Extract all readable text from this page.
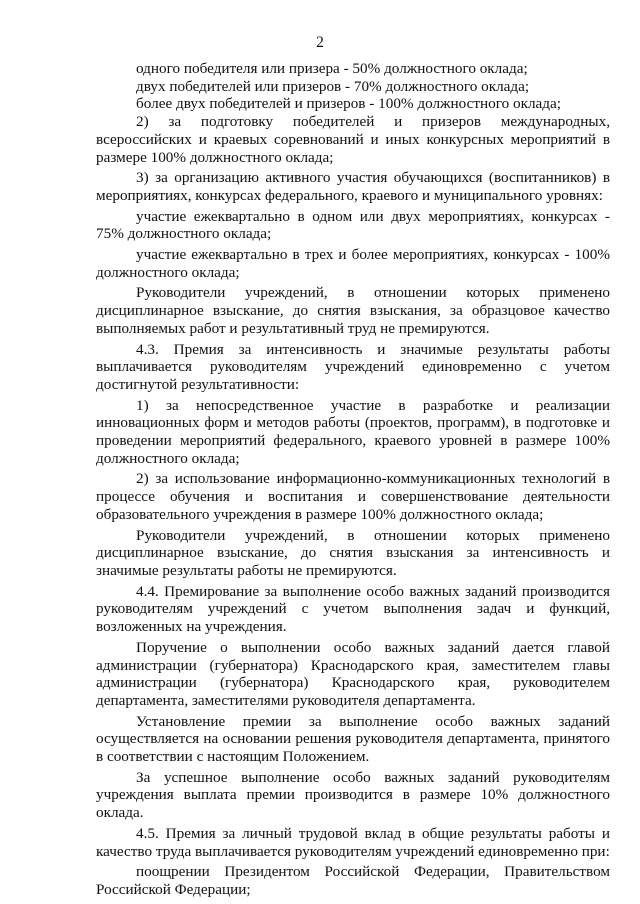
2

одного победителя или призера - 50% должностного оклада;

двух победителей или призеров - 70% должностного оклада;

более двух победителей и призеров - 100% должностного оклада;

2) за подготовку победителей и призеров международных, всероссийских и краевых соревнований и иных конкурсных мероприятий в размере 100% должностного оклада;

3) за организацию активного участия обучающихся (воспитанников) в мероприятиях, конкурсах федерального, краевого и муниципального уровнях:

участие ежеквартально в одном или двух мероприятиях, конкурсах - 75% должностного оклада;

участие ежеквартально в трех и более мероприятиях, конкурсах - 100% должностного оклада;

Руководители учреждений, в отношении которых применено дисциплинарное взыскание, до снятия взыскания, за образцовое качество выполняемых работ и результативный труд не премируются.

4.3. Премия за интенсивность и значимые результаты работы выплачивается руководителям учреждений единовременно с учетом достигнутой результативности:

1) за непосредственное участие в разработке и реализации инновационных форм и методов работы (проектов, программ), в подготовке и проведении мероприятий федерального, краевого уровней в размере 100% должностного оклада;

2) за использование информационно-коммуникационных технологий в процессе обучения и воспитания и совершенствование деятельности образовательного учреждения в размере 100% должностного оклада;

Руководители учреждений, в отношении которых применено дисциплинарное взыскание, до снятия взыскания за интенсивность и значимые результаты работы не премируются.

4.4. Премирование за выполнение особо важных заданий производится руководителям учреждений с учетом выполнения задач и функций, возложенных на учреждения.

Поручение о выполнении особо важных заданий дается главой администрации (губернатора) Краснодарского края, заместителем главы администрации (губернатора) Краснодарского края, руководителем департамента, заместителями руководителя департамента.

Установление премии за выполнение особо важных заданий осуществляется на основании решения руководителя департамента, принятого в соответствии с настоящим Положением.

За успешное выполнение особо важных заданий руководителям учреждения выплата премии производится в размере 10% должностного оклада.

4.5. Премия за личный трудовой вклад в общие результаты работы и качество труда выплачивается руководителям учреждений единовременно при:

поощрении Президентом Российской Федерации, Правительством Российской Федерации;
